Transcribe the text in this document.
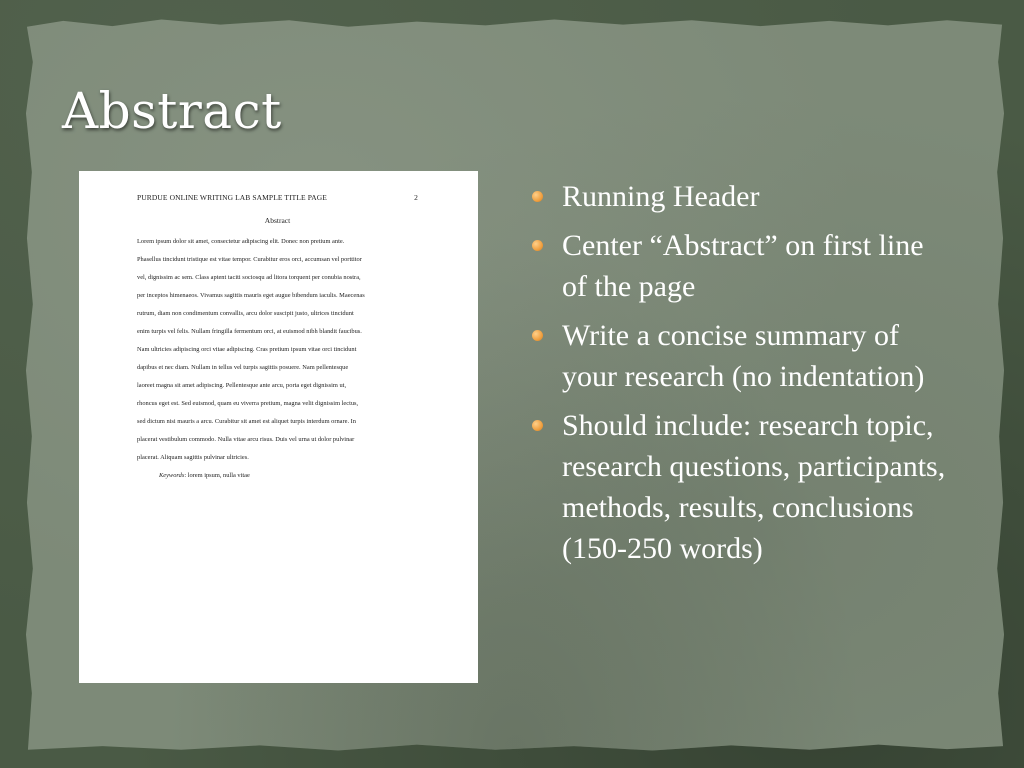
Abstract
PURDUE ONLINE WRITING LAB SAMPLE TITLE PAGE	2
Abstract
Lorem ipsum dolor sit amet, consectetur adipiscing elit. Donec non pretium ante.
Phasellus tincidunt tristique est vitae tempor. Curabitur eros orci, accumsan vel porttitor
vel, dignissim ac sem. Class aptent taciti sociosqu ad litora torquent per conubia nostra,
per inceptos himenaeos. Vivamus sagittis mauris eget augue bibendum iaculis. Maecenas
rutrum, diam non condimentum convallis, arcu dolor suscipit justo, ultrices tincidunt
enim turpis vel felis. Nullam fringilla fermentum orci, at euismod nibh blandit faucibus.
Nam ultricies adipiscing orci vitae adipiscing. Cras pretium ipsum vitae orci tincidunt
dapibus et nec diam. Nullam in tellus vel turpis sagittis posuere. Nam pellentesque
laoreet magna sit amet adipiscing. Pellentesque ante arcu, porta eget dignissim ut,
rhoncus eget est. Sed euismod, quam eu viverra pretium, magna velit dignissim lectus,
sed dictum nisi mauris a arcu. Curabitur sit amet est aliquet turpis interdum ornare. In
placerat vestibulum commodo. Nulla vitae arcu risus. Duis vel urna ut dolor pulvinar
placerat. Aliquam sagittis pulvinar ultricies.
Keywords: lorem ipsum, nulla vitae
Running Header
Center “Abstract” on first line of the page
Write a concise summary of your research (no indentation)
Should include: research topic, research questions, participants, methods, results, conclusions (150-250 words)
